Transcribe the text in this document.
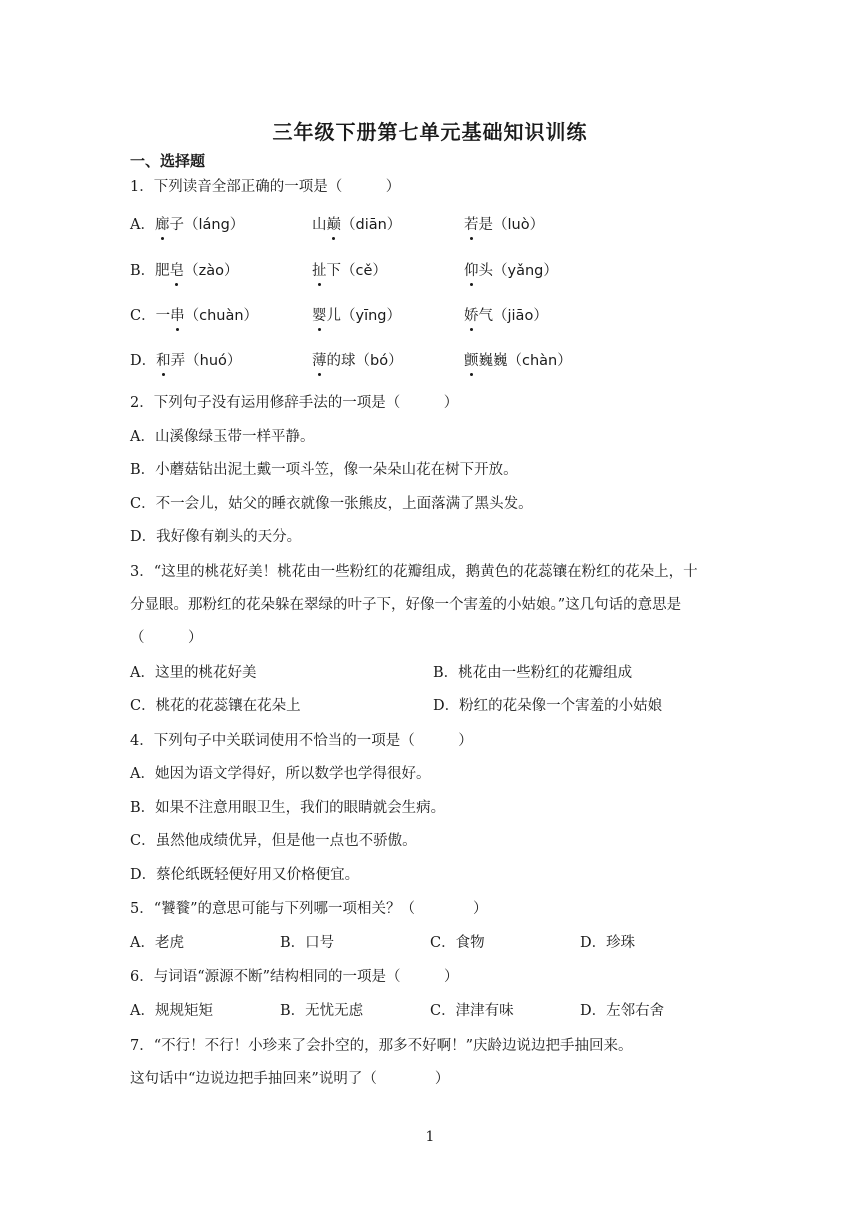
三年级下册第七单元基础知识训练
一、选择题
1．下列读音全部正确的一项是（　　　）
A．廊子（láng）	山巅（diān）	若是（luò）
B．肥皂（zào）	扯下（cě）	仰头（yǎng）
C．一串（chuàn）	婴儿（yīng）	娇气（jiāo）
D．和弄（huó）	薄的球（bó）	颤巍巍（chàn）
2．下列句子没有运用修辞手法的一项是（　　　）
A．山溪像绿玉带一样平静。
B．小蘑菇钻出泥土戴一项斗笠，像一朵朵山花在树下开放。
C．不一会儿，姑父的睡衣就像一张熊皮，上面落满了黑头发。
D．我好像有剃头的天分。
3．“这里的桃花好美！桃花由一些粉红的花瓣组成，鹅黄色的花蕊镶在粉红的花朵上，十
分显眼。那粉红的花朵躲在翠绿的叶子下，好像一个害羞的小姑娘。”这几句话的意思是
（　　　）
A．这里的桃花好美	B．桃花由一些粉红的花瓣组成
C．桃花的花蕊镶在花朵上	D．粉红的花朵像一个害羞的小姑娘
4．下列句子中关联词使用不恰当的一项是（　　　）
A．她因为语文学得好，所以数学也学得很好。
B．如果不注意用眼卫生，我们的眼睛就会生病。
C．虽然他成绩优异，但是他一点也不骄傲。
D．蔡伦纸既轻便好用又价格便宜。
5．“饕餮”的意思可能与下列哪一项相关？（　　　　）
A．老虎	B．口号	C．食物	D．珍珠
6．与词语“源源不断”结构相同的一项是（　　　）
A．规规矩矩	B．无忧无虑	C．津津有味	D．左邻右舍
7．“不行！不行！小珍来了会扑空的，那多不好啊！”庆龄边说边把手抽回来。
这句话中“边说边把手抽回来”说明了（　　　　）
1
